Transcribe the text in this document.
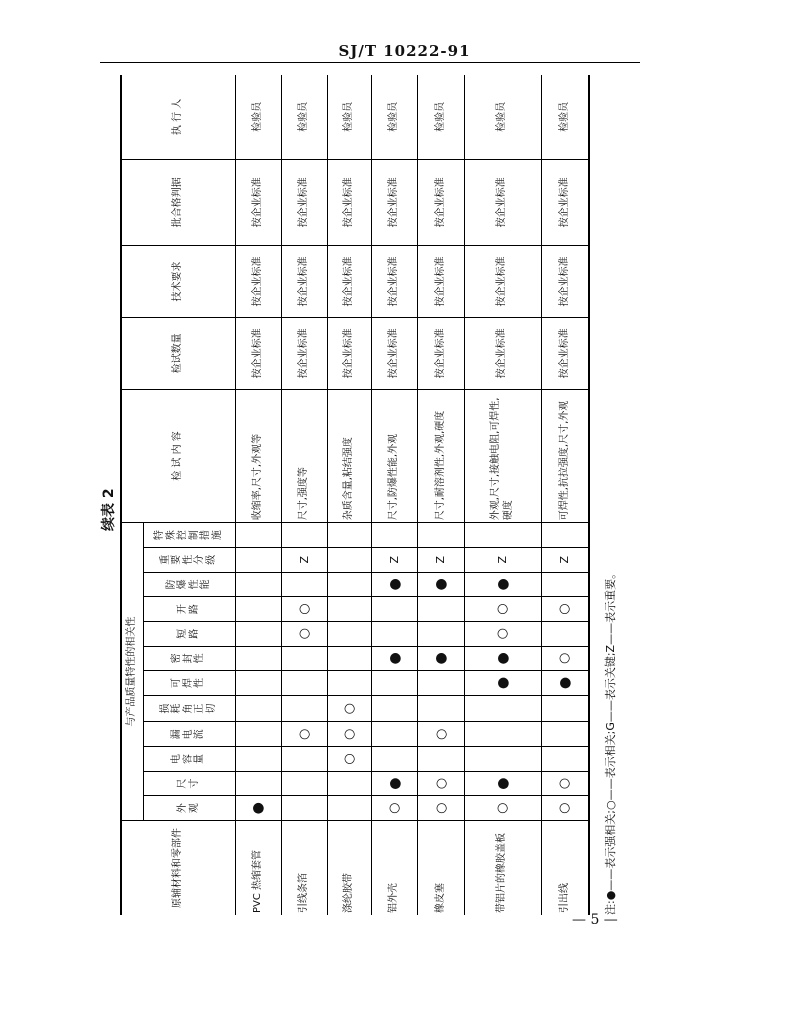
SJ/T 10222-91
续表 2
原辅材料和零部件	与产品质量特性的相关性												检 试 内 容	检试数量	技术要求	批合格判据	执 行 人
	外观	尺寸	电容量	漏电流	损耗角正切	可焊性	密封性	短路	开路	防爆性能	重要性分级	特殊控制措施					
PVC 热缩套管	●												收缩率,尺寸,外观等	按企业标准	按企业标准	按企业标准	检验员
引线条箔				○				○	○		Z		尺寸,强度等	按企业标准	按企业标准	按企业标准	检验员
涤纶胶带			○	○	○								杂质含量,粘结强度	按企业标准	按企业标准	按企业标准	检验员
铝外壳	○	●					●			●	Z		尺寸,防爆性能,外观	按企业标准	按企业标准	按企业标准	检验员
橡皮塞	○	○		○			●			●	Z		尺寸,耐溶剂性,外观,硬度	按企业标准	按企业标准	按企业标准	检验员
带铝片的橡胶盖板	○	●				●	●	○	○	●	Z		外观,尺寸,接触电阻,可焊性,硬度	按企业标准	按企业标准	按企业标准	检验员
引出线	○	○				●	○		○		Z		可焊性,抗拉强度,尺寸,外观	按企业标准	按企业标准	按企业标准	检验员
注:●——表示强相关;○——表示相关;G——表示关键;Z——表示重要。
— 5 —
